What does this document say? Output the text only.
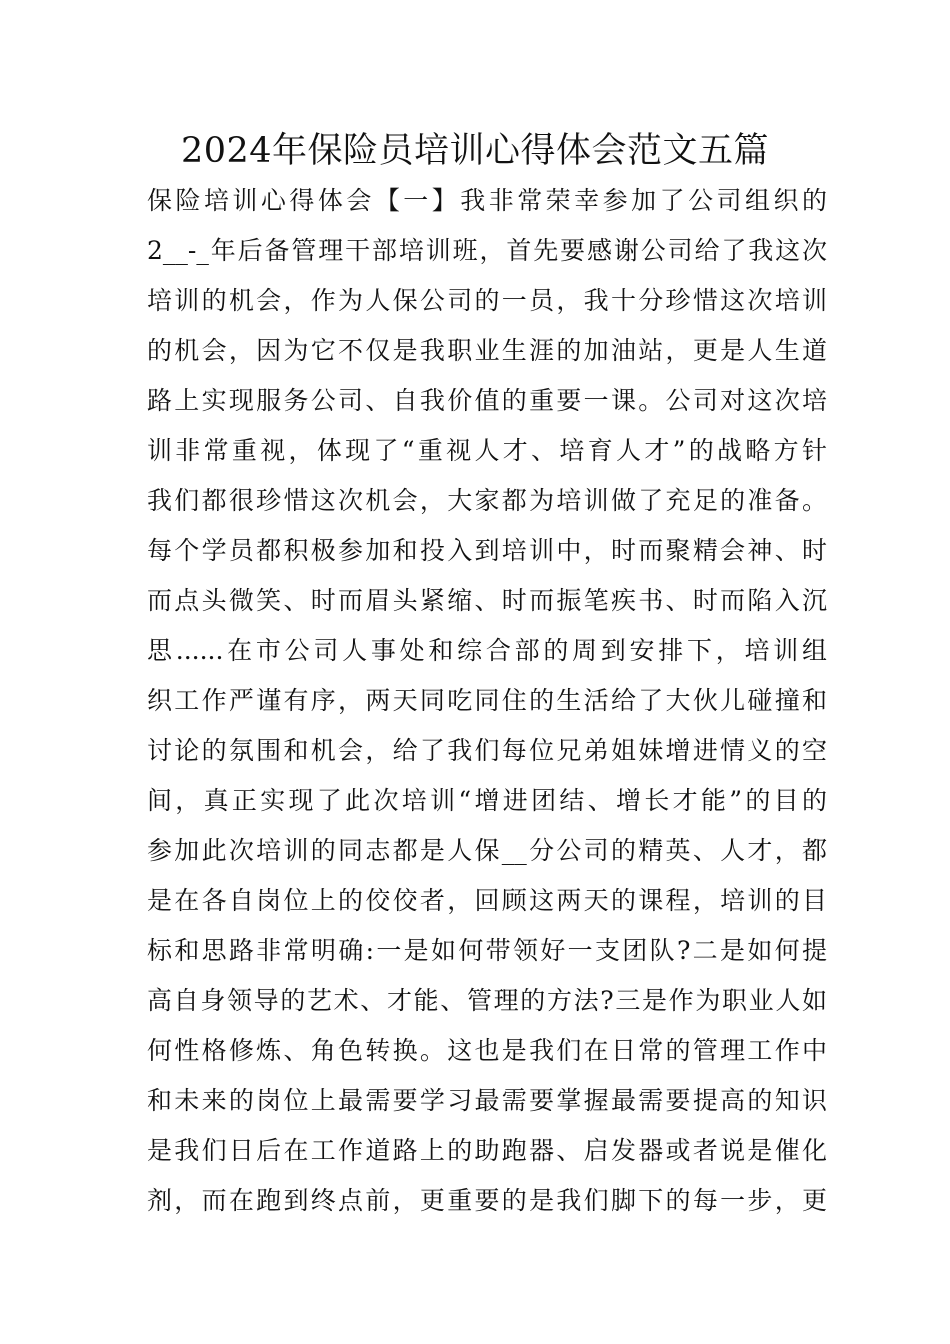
2024年保险员培训心得体会范文五篇
保险培训心得体会【一】我非常荣幸参加了公司组织的
2__-_年后备管理干部培训班，首先要感谢公司给了我这次
培训的机会，作为人保公司的一员，我十分珍惜这次培训
的机会，因为它不仅是我职业生涯的加油站，更是人生道
路上实现服务公司、自我价值的重要一课。公司对这次培
训非常重视，体现了“重视人才、培育人才”的战略方针
我们都很珍惜这次机会，大家都为培训做了充足的准备。
每个学员都积极参加和投入到培训中，时而聚精会神、时
而点头微笑、时而眉头紧缩、时而振笔疾书、时而陷入沉
思......在市公司人事处和综合部的周到安排下，培训组
织工作严谨有序，两天同吃同住的生活给了大伙儿碰撞和
讨论的氛围和机会，给了我们每位兄弟姐妹增进情义的空
间，真正实现了此次培训“增进团结、增长才能”的目的
参加此次培训的同志都是人保__分公司的精英、人才，都
是在各自岗位上的佼佼者，回顾这两天的课程，培训的目
标和思路非常明确:一是如何带领好一支团队?二是如何提
高自身领导的艺术、才能、管理的方法?三是作为职业人如
何性格修炼、角色转换。这也是我们在日常的管理工作中
和未来的岗位上最需要学习最需要掌握最需要提高的知识
是我们日后在工作道路上的助跑器、启发器或者说是催化
剂，而在跑到终点前，更重要的是我们脚下的每一步，更
